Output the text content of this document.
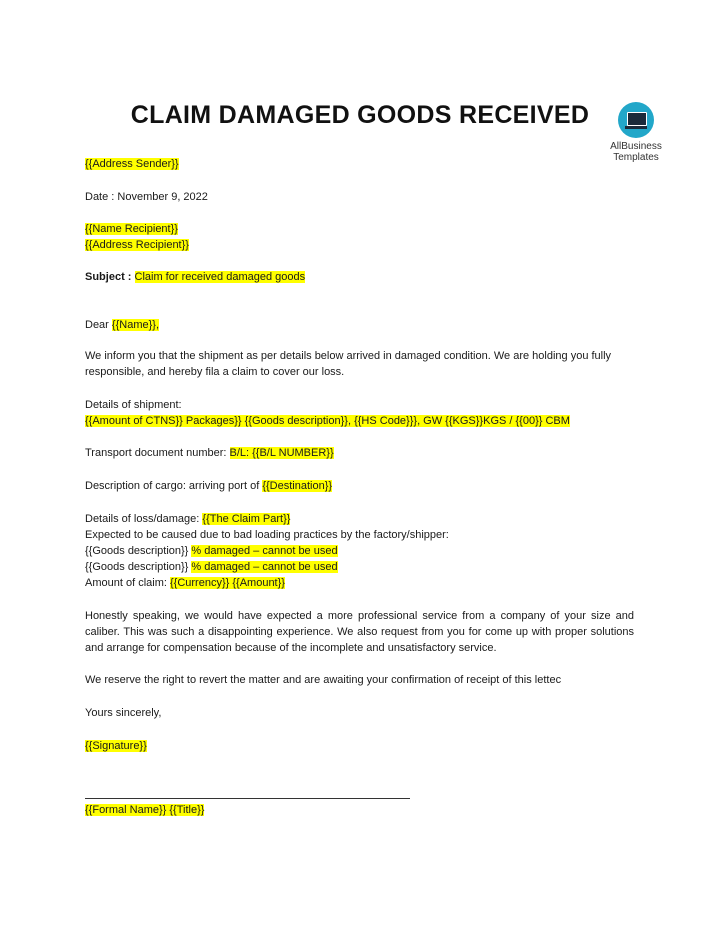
CLAIM DAMAGED GOODS RECEIVED
AllBusiness
Templates
{{Address Sender}}
Date : November 9, 2022
{{Name Recipient}}
{{Address Recipient}}
Subject : Claim for received damaged goods
Dear {{Name}},
We inform you that the shipment as per details below arrived in damaged condition. We are holding you fully responsible, and hereby fila a claim to cover our loss.
Details of shipment:
{{Amount of CTNS}} Packages}} {{Goods description}}, {{HS Code}}}, GW {{KGS}}KGS / {{00}} CBM
Transport document number: B/L: {{B/L NUMBER}}
Description of cargo: arriving port of {{Destination}}
Details of loss/damage: {{The Claim Part}}
Expected to be caused due to bad loading practices by the factory/shipper:
{{Goods description}} % damaged – cannot be used
{{Goods description}} % damaged – cannot be used
Amount of claim: {{Currency}} {{Amount}}
Honestly speaking, we would have expected a more professional service from a company of your size and caliber. This was such a disappointing experience. We also request from you for come up with proper solutions and arrange for compensation because of the incomplete and unsatisfactory service.
We reserve the right to revert the matter and are awaiting your confirmation of receipt of this lettec
Yours sincerely,
{{Signature}}
{{Formal Name}} {{Title}}
